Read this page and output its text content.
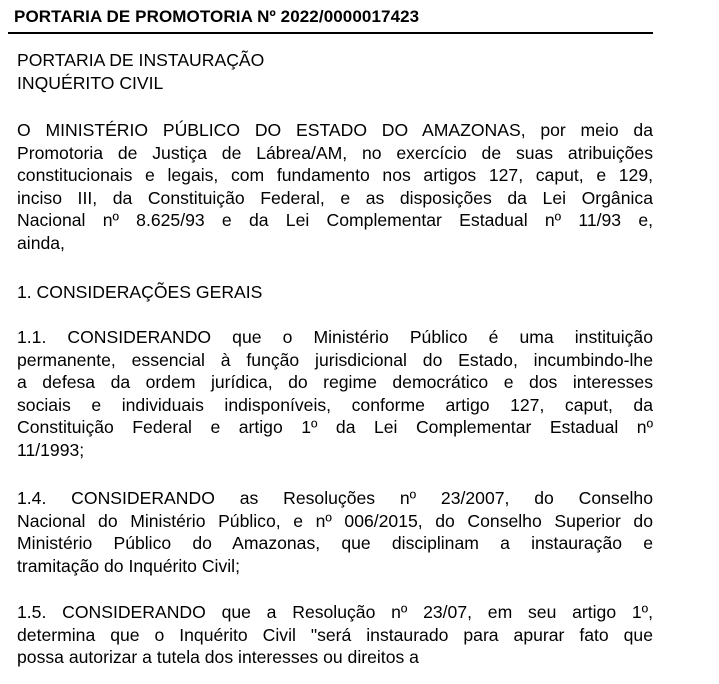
PORTARIA DE PROMOTORIA Nº 2022/0000017423
PORTARIA DE INSTAURAÇÃO
INQUÉRITO CIVIL
O MINISTÉRIO PÚBLICO DO ESTADO DO AMAZONAS, por meio da
Promotoria de Justiça de Lábrea/AM, no exercício de suas atribuições
constitucionais e legais, com fundamento nos artigos 127, caput, e 129,
inciso III, da Constituição Federal, e as disposições da Lei Orgânica
Nacional nº 8.625/93 e da Lei Complementar Estadual nº 11/93 e,
ainda,
1. CONSIDERAÇÕES GERAIS
1.1. CONSIDERANDO que o Ministério Público é uma instituição
permanente, essencial à função jurisdicional do Estado, incumbindo-lhe
a defesa da ordem jurídica, do regime democrático e dos interesses
sociais e individuais indisponíveis, conforme artigo 127, caput, da
Constituição Federal e artigo 1º da Lei Complementar Estadual nº
11/1993;
1.4. CONSIDERANDO as Resoluções nº 23/2007, do Conselho
Nacional do Ministério Público, e nº 006/2015, do Conselho Superior do
Ministério Público do Amazonas, que disciplinam a instauração e
tramitação do Inquérito Civil;
1.5. CONSIDERANDO que a Resolução nº 23/07, em seu artigo 1º,
determina que o Inquérito Civil "será instaurado para apurar fato que
possa autorizar a tutela dos interesses ou direitos a
